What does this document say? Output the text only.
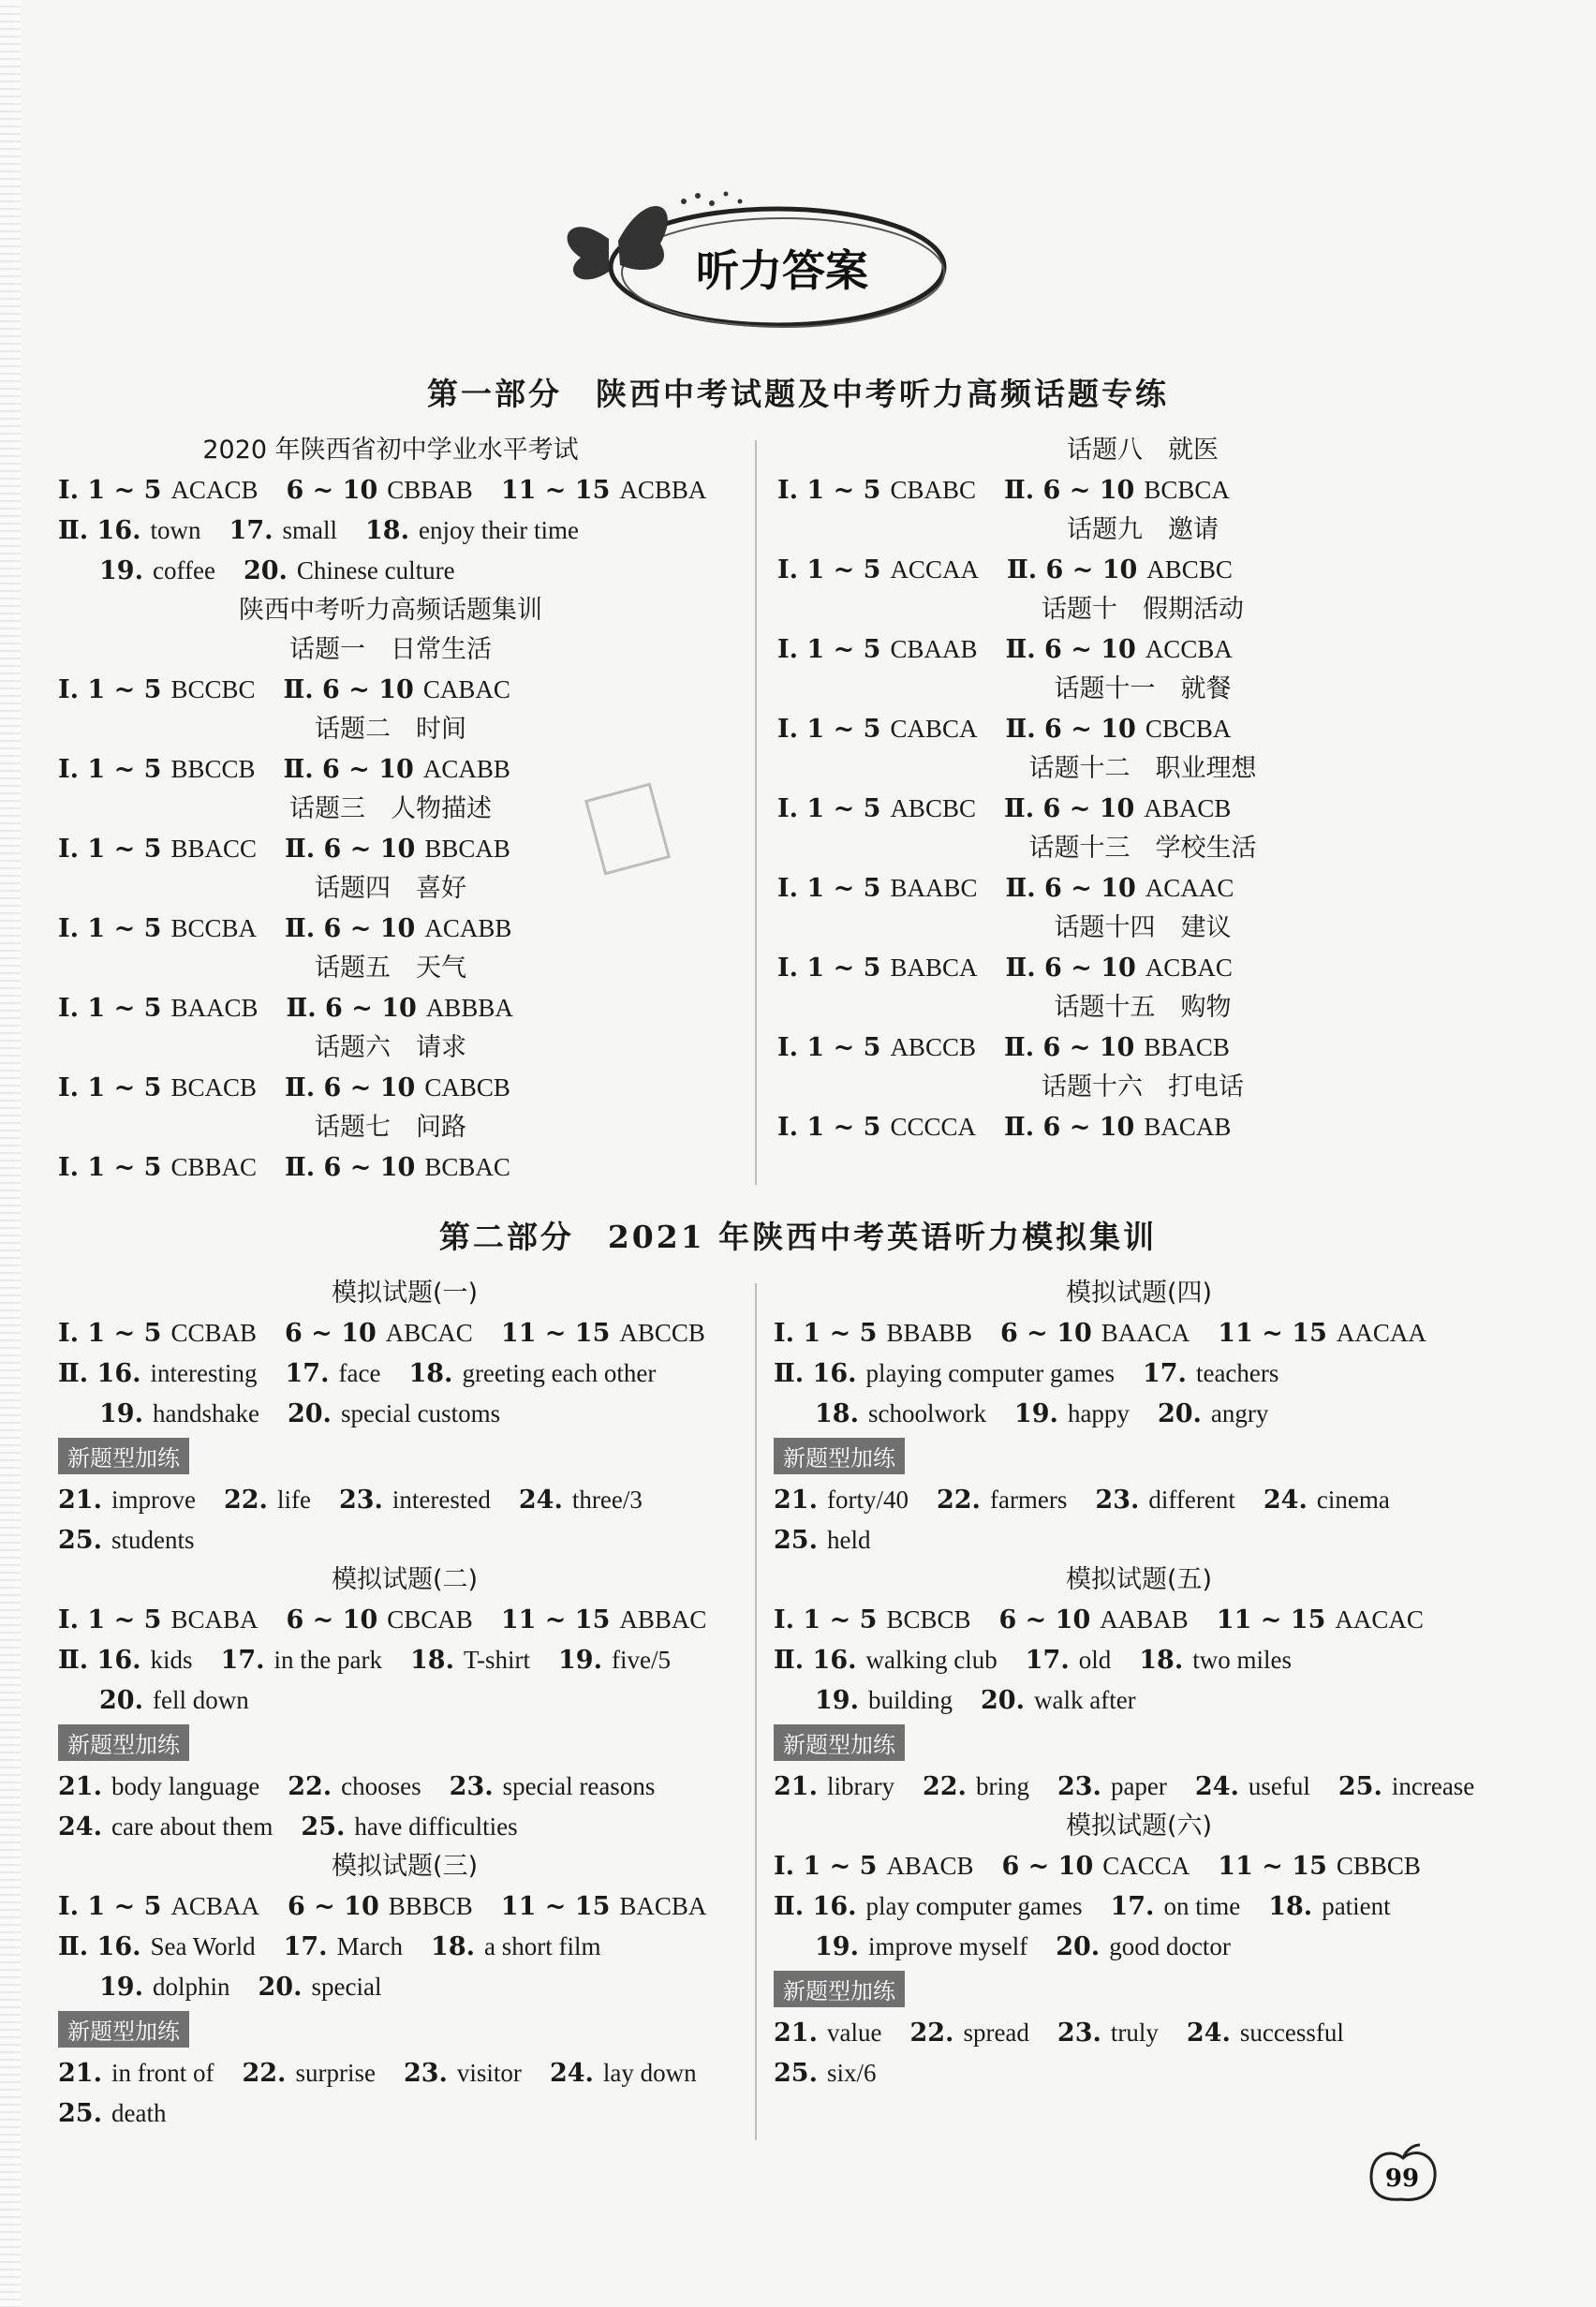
听力答案
第一部分　陕西中考试题及中考听力高频话题专练
2020 年陕西省初中学业水平考试
Ⅰ. 1 ~ 5 ACACB 6 ~ 10 CBBAB 11 ~ 15 ACBBA
Ⅱ. 16. town 17. small 18. enjoy their time
19. coffee 20. Chinese culture
陕西中考听力高频话题集训
话题一　日常生活
Ⅰ. 1 ~ 5 BCCBC Ⅱ. 6 ~ 10 CABAC
话题二　时间
Ⅰ. 1 ~ 5 BBCCB Ⅱ. 6 ~ 10 ACABB
话题三　人物描述
Ⅰ. 1 ~ 5 BBACC Ⅱ. 6 ~ 10 BBCAB
话题四　喜好
Ⅰ. 1 ~ 5 BCCBA Ⅱ. 6 ~ 10 ACABB
话题五　天气
Ⅰ. 1 ~ 5 BAACB Ⅱ. 6 ~ 10 ABBBA
话题六　请求
Ⅰ. 1 ~ 5 BCACB Ⅱ. 6 ~ 10 CABCB
话题七　问路
Ⅰ. 1 ~ 5 CBBAC Ⅱ. 6 ~ 10 BCBAC
话题八　就医
Ⅰ. 1 ~ 5 CBABC Ⅱ. 6 ~ 10 BCBCA
话题九　邀请
Ⅰ. 1 ~ 5 ACCAA Ⅱ. 6 ~ 10 ABCBC
话题十　假期活动
Ⅰ. 1 ~ 5 CBAAB Ⅱ. 6 ~ 10 ACCBA
话题十一　就餐
Ⅰ. 1 ~ 5 CABCA Ⅱ. 6 ~ 10 CBCBA
话题十二　职业理想
Ⅰ. 1 ~ 5 ABCBC Ⅱ. 6 ~ 10 ABACB
话题十三　学校生活
Ⅰ. 1 ~ 5 BAABC Ⅱ. 6 ~ 10 ACAAC
话题十四　建议
Ⅰ. 1 ~ 5 BABCA Ⅱ. 6 ~ 10 ACBAC
话题十五　购物
Ⅰ. 1 ~ 5 ABCCB Ⅱ. 6 ~ 10 BBACB
话题十六　打电话
Ⅰ. 1 ~ 5 CCCCA Ⅱ. 6 ~ 10 BACAB
第二部分　2021 年陕西中考英语听力模拟集训
模拟试题(一)
Ⅰ. 1 ~ 5 CCBAB 6 ~ 10 ABCAC 11 ~ 15 ABCCB
Ⅱ. 16. interesting 17. face 18. greeting each other
19. handshake 20. special customs
新题型加练
21. improve 22. life 23. interested 24. three/3
25. students
模拟试题(二)
Ⅰ. 1 ~ 5 BCABA 6 ~ 10 CBCAB 11 ~ 15 ABBAC
Ⅱ. 16. kids 17. in the park 18. T-shirt 19. five/5
20. fell down
新题型加练
21. body language 22. chooses 23. special reasons
24. care about them 25. have difficulties
模拟试题(三)
Ⅰ. 1 ~ 5 ACBAA 6 ~ 10 BBBCB 11 ~ 15 BACBA
Ⅱ. 16. Sea World 17. March 18. a short film
19. dolphin 20. special
新题型加练
21. in front of 22. surprise 23. visitor 24. lay down
25. death
模拟试题(四)
Ⅰ. 1 ~ 5 BBABB 6 ~ 10 BAACA 11 ~ 15 AACAA
Ⅱ. 16. playing computer games 17. teachers
18. schoolwork 19. happy 20. angry
新题型加练
21. forty/40 22. farmers 23. different 24. cinema
25. held
模拟试题(五)
Ⅰ. 1 ~ 5 BCBCB 6 ~ 10 AABAB 11 ~ 15 AACAC
Ⅱ. 16. walking club 17. old 18. two miles
19. building 20. walk after
新题型加练
21. library 22. bring 23. paper 24. useful 25. increase
模拟试题(六)
Ⅰ. 1 ~ 5 ABACB 6 ~ 10 CACCA 11 ~ 15 CBBCB
Ⅱ. 16. play computer games 17. on time 18. patient
19. improve myself 20. good doctor
新题型加练
21. value 22. spread 23. truly 24. successful
25. six/6
99
